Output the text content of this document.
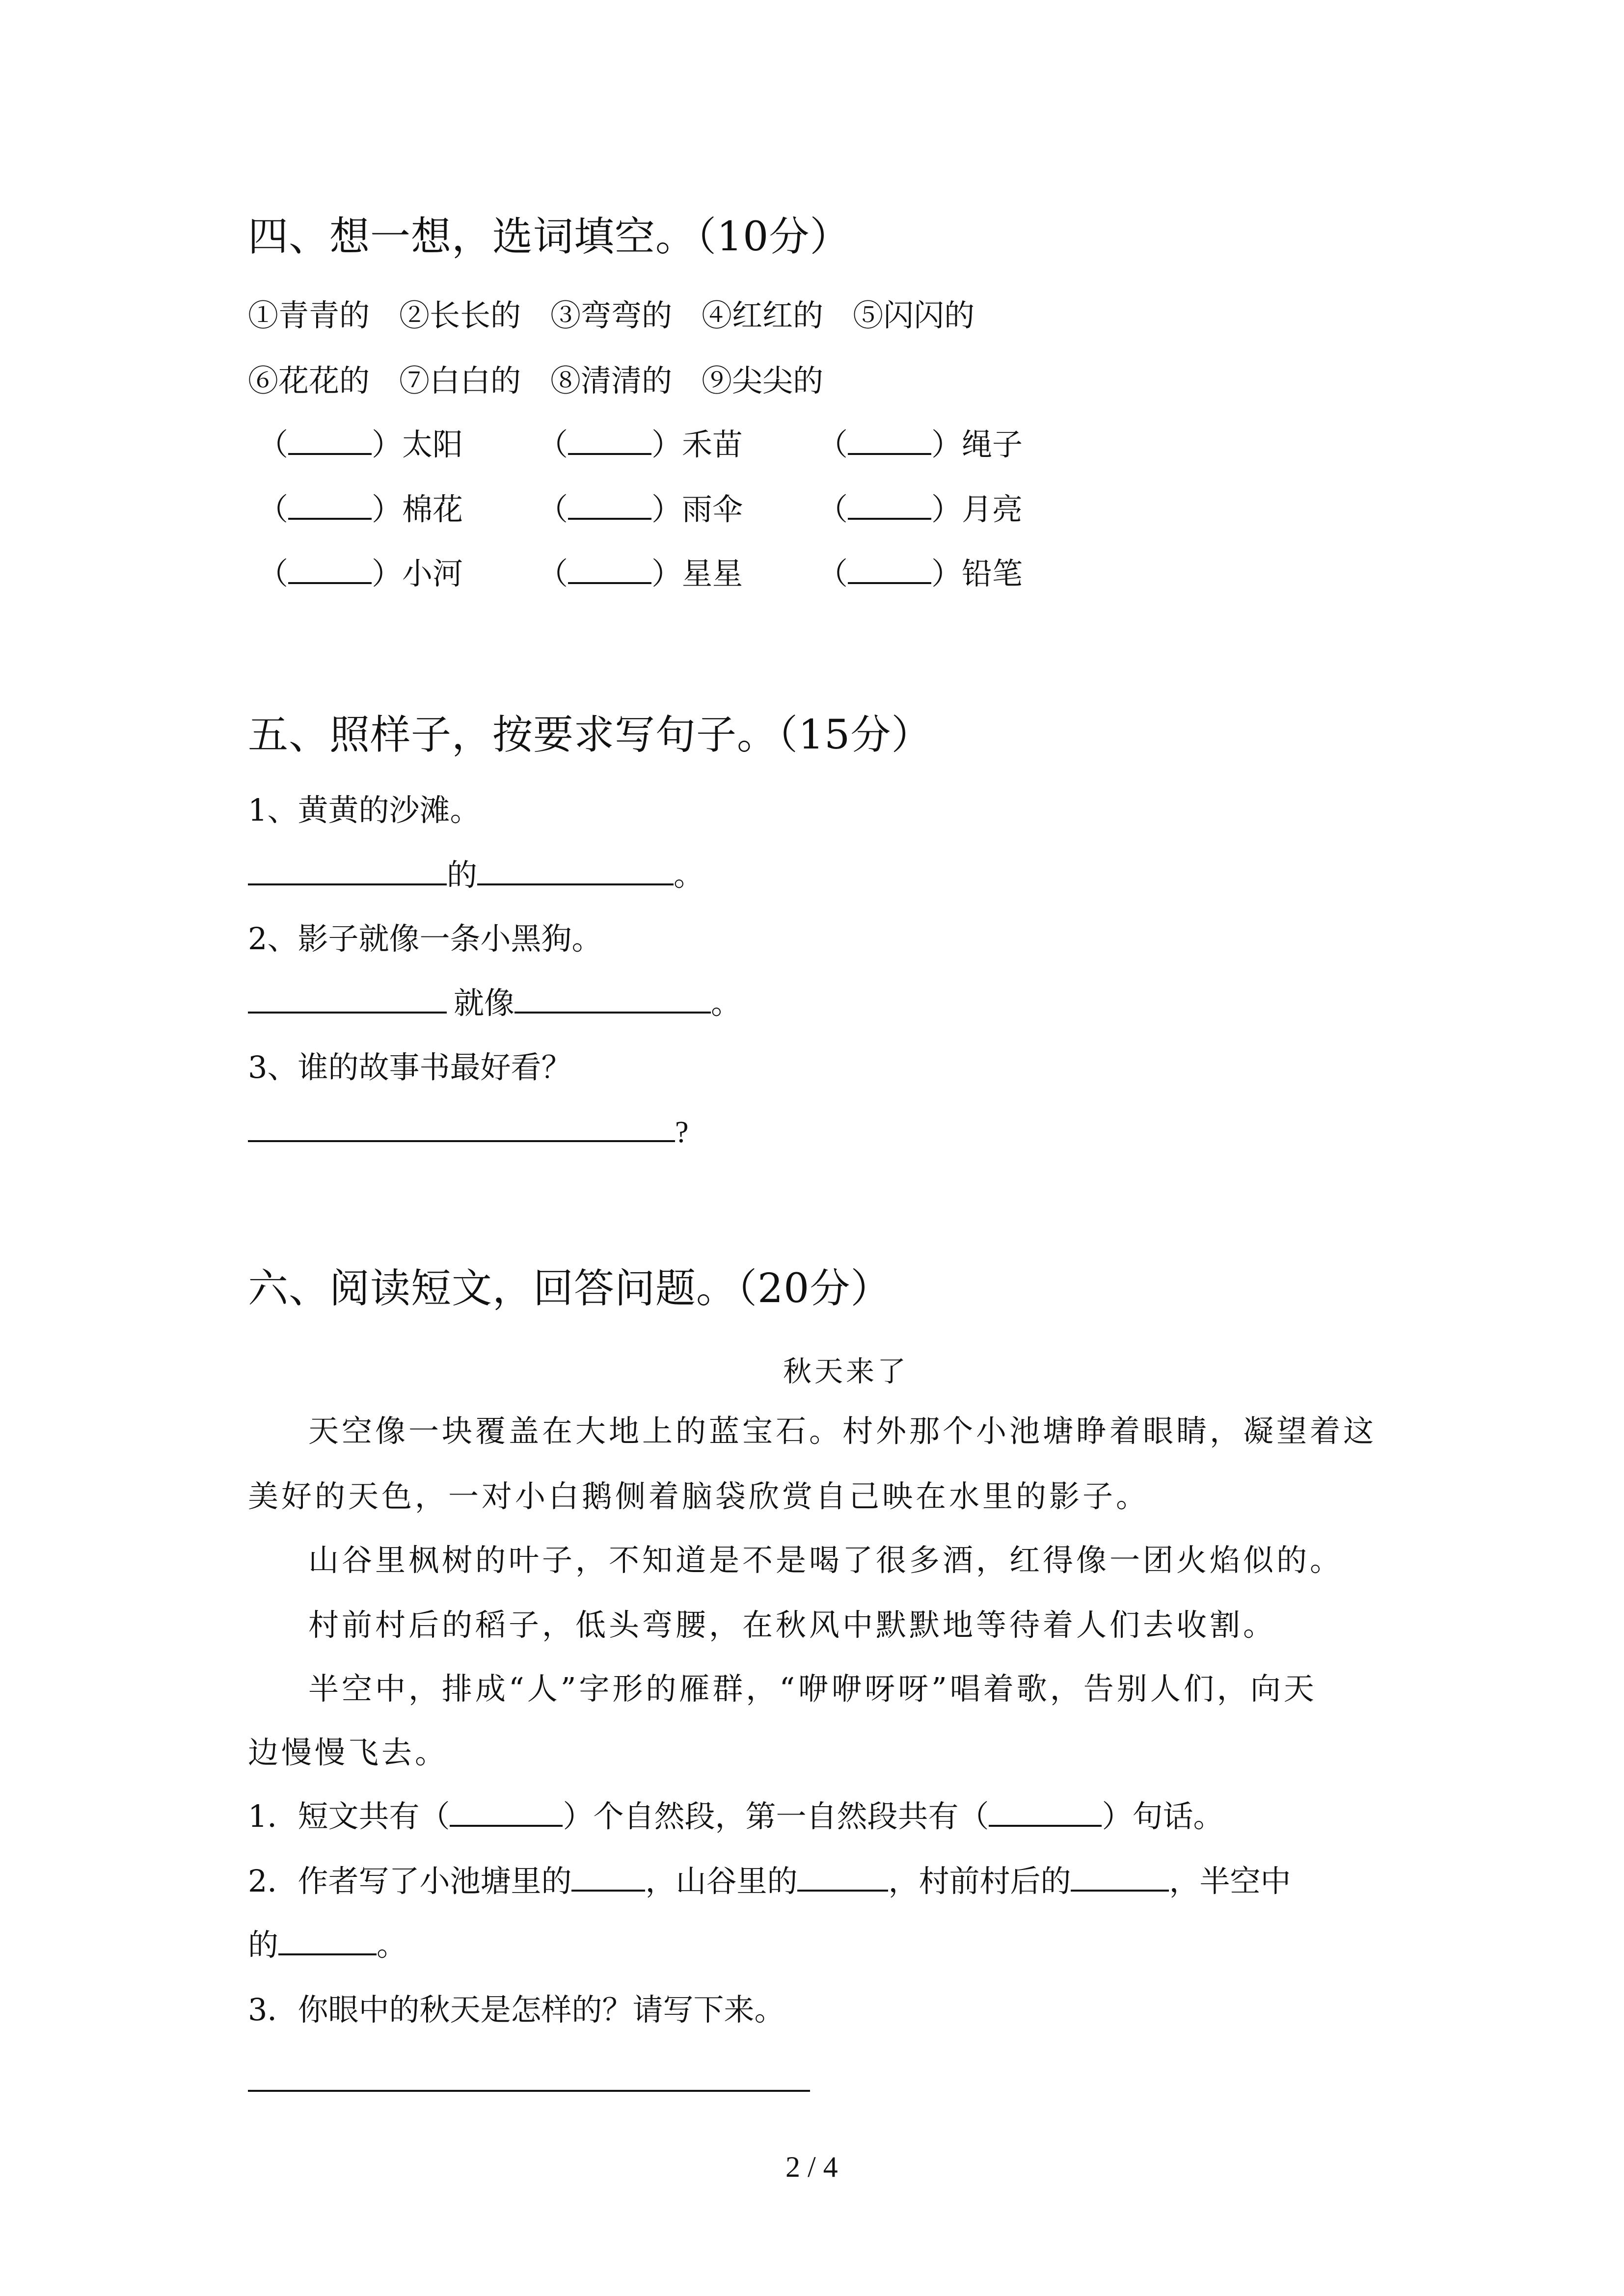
四、想一想，选词填空。（10分）
①青青的 ②长长的 ③弯弯的 ④红红的 ⑤闪闪的
⑥花花的 ⑦白白的 ⑧清清的 ⑨尖尖的
（	）太阳 （	）禾苗 （	）绳子
（	）棉花 （	）雨伞 （	）月亮
（	）小河 （	）星星 （	）铅笔
五、照样子，按要求写句子。（15分）
1、黄黄的沙滩。
的	。
2、影子就像一条小黑狗。
就像	。
3、谁的故事书最好看？
?
六、阅读短文，回答问题。（20分）
秋天来了
天空像一块覆盖在大地上的蓝宝石。村外那个小池塘睁着眼睛，凝望着这
美好的天色，一对小白鹅侧着脑袋欣赏自己映在水里的影子。
山谷里枫树的叶子，不知道是不是喝了很多酒，红得像一团火焰似的。
村前村后的稻子，低头弯腰，在秋风中默默地等待着人们去收割。
半空中，排成“人”字形的雁群，“咿咿呀呀”唱着歌，告别人们，向天
边慢慢飞去。
1．短文共有（	）个自然段，第一自然段共有（	）句话。
2．作者写了小池塘里的 ，山谷里的	，村前村后的	，半空中
的	。
3．你眼中的秋天是怎样的？请写下来。
2 / 4
